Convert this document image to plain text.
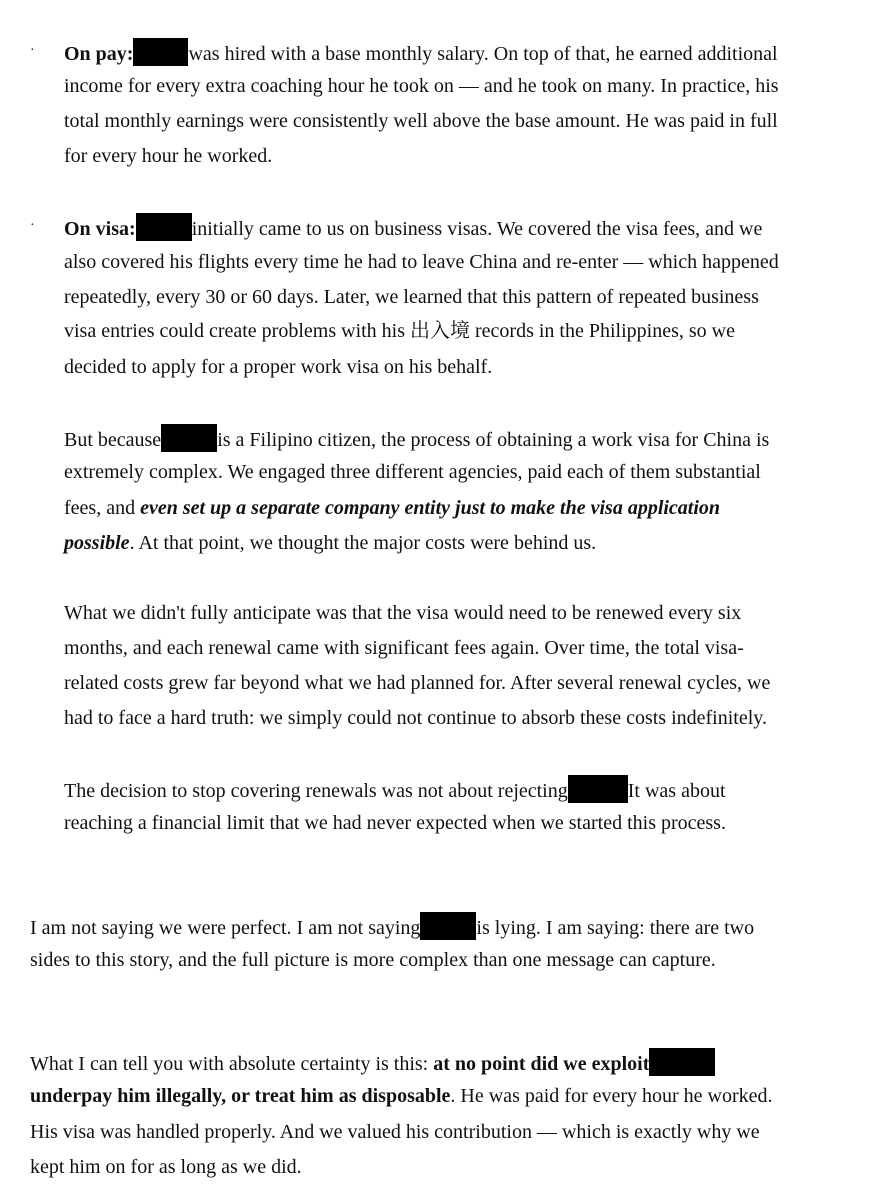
· On pay:	was hired with a base monthly salary. On top of that, he earned additional
income for every extra coaching hour he took on — and he took on many. In practice, his
total monthly earnings were consistently well above the base amount. He was paid in full
for every hour he worked.
· On visa:	initially came to us on business visas. We covered the visa fees, and we
also covered his flights every time he had to leave China and re-enter — which happened
repeatedly, every 30 or 60 days. Later, we learned that this pattern of repeated business
visa entries could create problems with his 出入境 records in the Philippines, so we
decided to apply for a proper work visa on his behalf.
But because	is a Filipino citizen, the process of obtaining a work visa for China is
extremely complex. We engaged three different agencies, paid each of them substantial
fees, and even set up a separate company entity just to make the visa application
possible. At that point, we thought the major costs were behind us.
What we didn't fully anticipate was that the visa would need to be renewed every six
months, and each renewal came with significant fees again. Over time, the total visa-
related costs grew far beyond what we had planned for. After several renewal cycles, we
had to face a hard truth: we simply could not continue to absorb these costs indefinitely.
The decision to stop covering renewals was not about rejecting	It was about
reaching a financial limit that we had never expected when we started this process.
I am not saying we were perfect. I am not saying	is lying. I am saying: there are two
sides to this story, and the full picture is more complex than one message can capture.
What I can tell you with absolute certainty is this: at no point did we exploit
underpay him illegally, or treat him as disposable. He was paid for every hour he worked.
His visa was handled properly. And we valued his contribution — which is exactly why we
kept him on for as long as we did.
